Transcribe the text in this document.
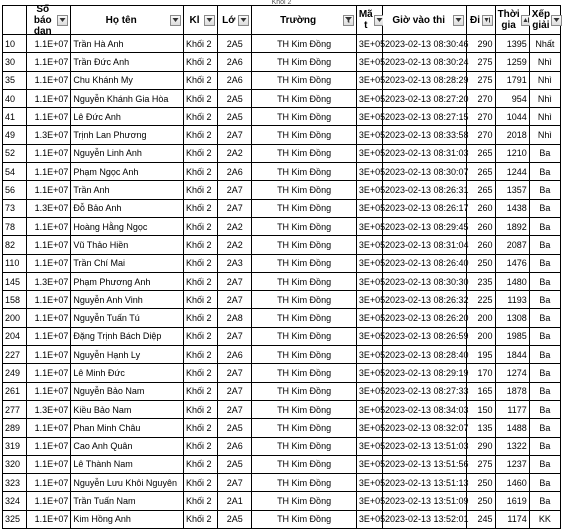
Khối 2

	Số báo dan	Họ tên	Kl	Lớ	Trường	Mã t	Giờ vào thi	Đi	Thời gia	Xếp giải

10	1.1E+07	Trần Hà Anh	Khối 2	2A5	TH Kim Đồng	3E+05	2023-02-13 08:30:46	290	1395	Nhất
30	1.1E+07	Trần Đức Anh	Khối 2	2A6	TH Kim Đồng	3E+05	2023-02-13 08:30:24	275	1259	Nhì
35	1.1E+07	Chu Khánh My	Khối 2	2A6	TH Kim Đồng	3E+05	2023-02-13 08:28:29	275	1791	Nhì
40	1.1E+07	Nguyễn Khánh Gia Hòa	Khối 2	2A5	TH Kim Đồng	3E+05	2023-02-13 08:27:20	270	954	Nhì
41	1.1E+07	Lê Đức Anh	Khối 2	2A5	TH Kim Đồng	3E+05	2023-02-13 08:27:15	270	1044	Nhì
49	1.3E+07	Trịnh Lan Phương	Khối 2	2A7	TH Kim Đồng	3E+05	2023-02-13 08:33:58	270	2018	Nhì
52	1.1E+07	Nguyễn Linh Anh	Khối 2	2A2	TH Kim Đồng	3E+05	2023-02-13 08:31:03	265	1210	Ba
54	1.1E+07	Phạm Ngọc Anh	Khối 2	2A6	TH Kim Đồng	3E+05	2023-02-13 08:30:07	265	1244	Ba
56	1.1E+07	Trần Anh	Khối 2	2A7	TH Kim Đồng	3E+05	2023-02-13 08:26:31	265	1357	Ba
73	1.3E+07	Đỗ Bảo Anh	Khối 2	2A7	TH Kim Đồng	3E+05	2023-02-13 08:26:17	260	1438	Ba
78	1.1E+07	Hoàng Hằng Ngọc	Khối 2	2A2	TH Kim Đồng	3E+05	2023-02-13 08:29:45	260	1892	Ba
82	1.1E+07	Vũ Thảo Hiền	Khối 2	2A2	TH Kim Đồng	3E+05	2023-02-13 08:31:04	260	2087	Ba
110	1.1E+07	Trần Chí Mai	Khối 2	2A3	TH Kim Đồng	3E+05	2023-02-13 08:26:40	250	1476	Ba
145	1.3E+07	Phạm Phương Anh	Khối 2	2A7	TH Kim Đồng	3E+05	2023-02-13 08:30:30	235	1480	Ba
158	1.1E+07	Nguyễn Anh Vinh	Khối 2	2A7	TH Kim Đồng	3E+05	2023-02-13 08:26:32	225	1193	Ba
200	1.1E+07	Nguyễn Tuấn Tú	Khối 2	2A8	TH Kim Đồng	3E+05	2023-02-13 08:26:20	200	1308	Ba
204	1.1E+07	Đặng Trịnh Bách Diệp	Khối 2	2A7	TH Kim Đồng	3E+05	2023-02-13 08:26:59	200	1985	Ba
227	1.1E+07	Nguyễn Hạnh Ly	Khối 2	2A6	TH Kim Đồng	3E+05	2023-02-13 08:28:40	195	1844	Ba
249	1.1E+07	Lê Minh Đức	Khối 2	2A7	TH Kim Đồng	3E+05	2023-02-13 08:29:19	170	1274	Ba
261	1.1E+07	Nguyễn Bảo Nam	Khối 2	2A7	TH Kim Đồng	3E+05	2023-02-13 08:27:33	165	1878	Ba
277	1.3E+07	Kiều Bảo Nam	Khối 2	2A7	TH Kim Đồng	3E+05	2023-02-13 08:34:03	150	1177	Ba
289	1.1E+07	Phan Minh Châu	Khối 2	2A5	TH Kim Đồng	3E+05	2023-02-13 08:32:07	135	1488	Ba
319	1.1E+07	Cao Anh Quân	Khối 2	2A6	TH Kim Đồng	3E+05	2023-02-13 13:51:03	290	1322	Ba
320	1.1E+07	Lê Thành Nam	Khối 2	2A5	TH Kim Đồng	3E+05	2023-02-13 13:51:56	275	1237	Ba
323	1.1E+07	Nguyễn Lưu Khôi Nguyên	Khối 2	2A7	TH Kim Đồng	3E+05	2023-02-13 13:51:13	250	1460	Ba
324	1.1E+07	Trần Tuấn Nam	Khối 2	2A1	TH Kim Đồng	3E+05	2023-02-13 13:51:09	250	1619	Ba
325	1.1E+07	Kim Hồng Anh	Khối 2	2A5	TH Kim Đồng	3E+05	2023-02-13 13:52:01	245	1174	KK
